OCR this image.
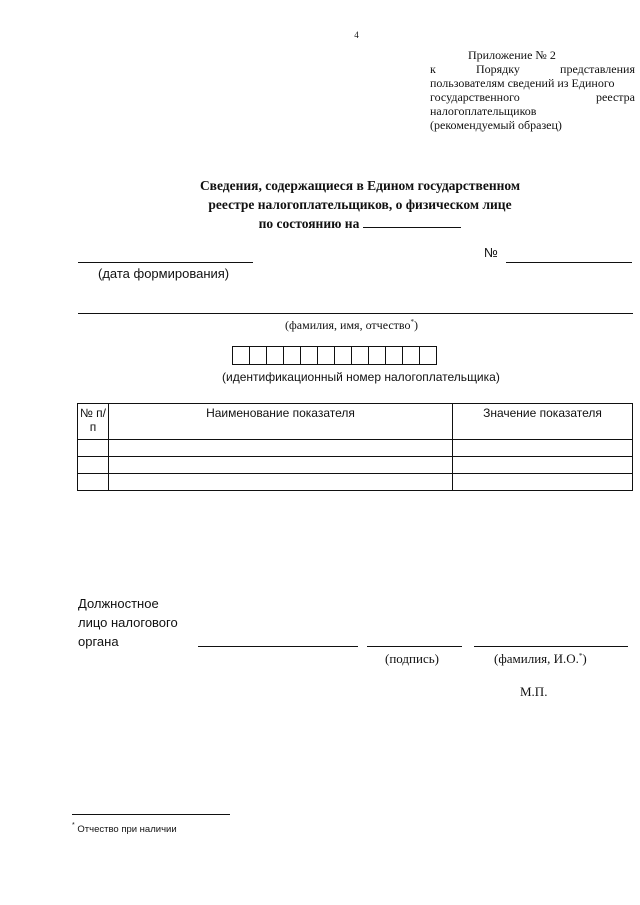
4
Приложение № 2
к	Порядку	представления
пользователям сведений из Единого
государственного	реестра
налогоплательщиков
(рекомендуемый образец)
Сведения, содержащиеся в Едином государственном
реестре налогоплательщиков, о физическом лице
по состоянию на
(дата формирования)
№
(фамилия, имя, отчество*)
(идентификационный номер налогоплательщика)
№ п/п	Наименование показателя	Значение показателя

Должностное
лицо налогового
органа
(подпись)	(фамилия, И.О.*)
М.П.
* Отчество при наличии
